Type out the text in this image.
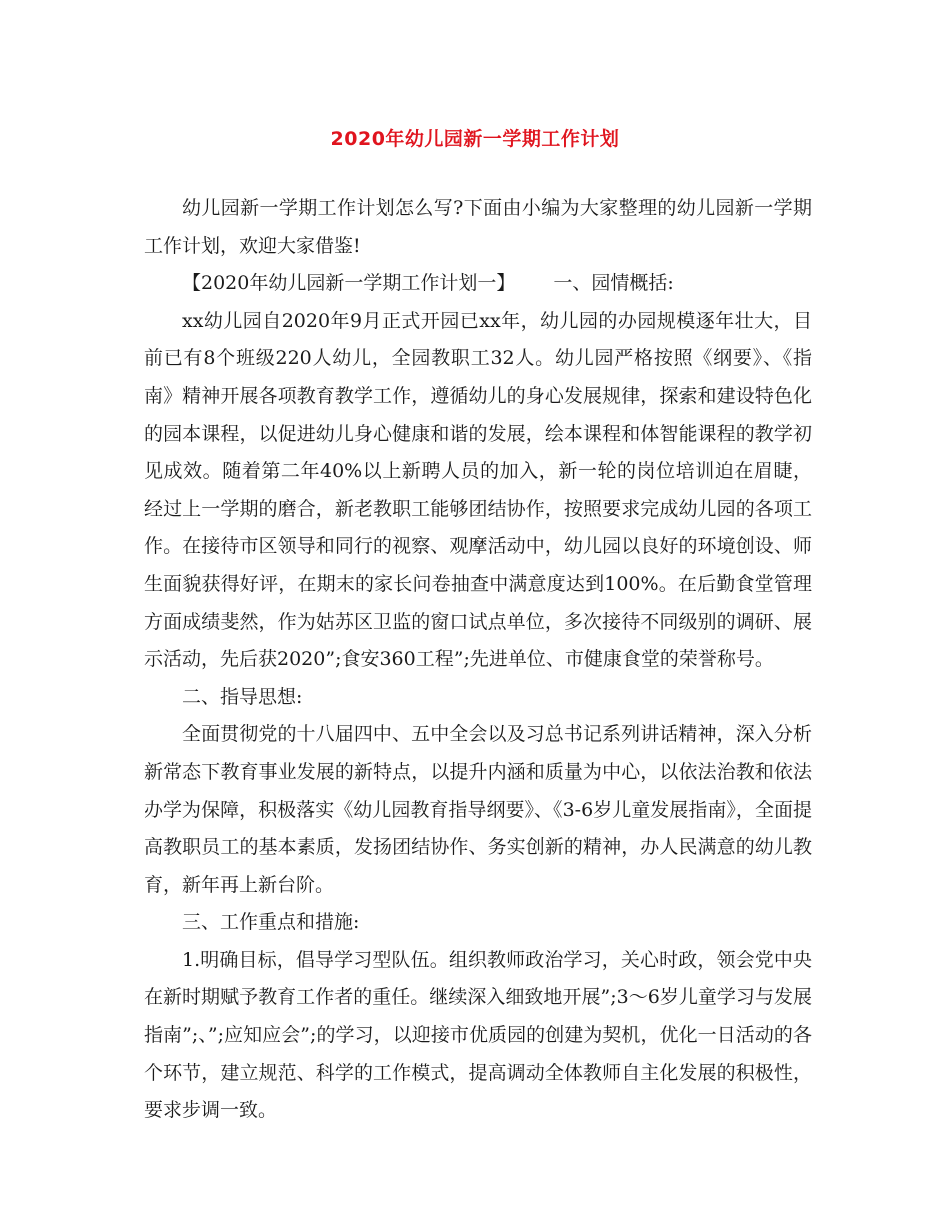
2020年幼儿园新一学期工作计划

幼儿园新一学期工作计划怎么写?下面由小编为大家整理的幼儿园新一学期工作计划，欢迎大家借鉴!

【2020年幼儿园新一学期工作计划一】 一、园情概括:

xx幼儿园自2020年9月正式开园已xx年，幼儿园的办园规模逐年壮大，目前已有8个班级220人幼儿，全园教职工32人。幼儿园严格按照《纲要》、《指南》精神开展各项教育教学工作，遵循幼儿的身心发展规律，探索和建设特色化的园本课程，以促进幼儿身心健康和谐的发展，绘本课程和体智能课程的教学初见成效。随着第二年40%以上新聘人员的加入，新一轮的岗位培训迫在眉睫，经过上一学期的磨合，新老教职工能够团结协作，按照要求完成幼儿园的各项工作。在接待市区领导和同行的视察、观摩活动中，幼儿园以良好的环境创设、师生面貌获得好评，在期末的家长问卷抽查中满意度达到100%。在后勤食堂管理方面成绩斐然，作为姑苏区卫监的窗口试点单位，多次接待不同级别的调研、展示活动，先后获2020”;食安360工程”;先进单位、市健康食堂的荣誉称号。

二、指导思想:

全面贯彻党的十八届四中、五中全会以及习总书记系列讲话精神，深入分析新常态下教育事业发展的新特点，以提升内涵和质量为中心，以依法治教和依法办学为保障，积极落实《幼儿园教育指导纲要》、《3-6岁儿童发展指南》，全面提高教职员工的基本素质，发扬团结协作、务实创新的精神，办人民满意的幼儿教育，新年再上新台阶。

三、工作重点和措施:

1.明确目标，倡导学习型队伍。组织教师政治学习，关心时政，领会党中央在新时期赋予教育工作者的重任。继续深入细致地开展”;3～6岁儿童学习与发展指南”;、”;应知应会”;的学习，以迎接市优质园的创建为契机，优化一日活动的各个环节，建立规范、科学的工作模式，提高调动全体教师自主化发展的积极性，要求步调一致。
